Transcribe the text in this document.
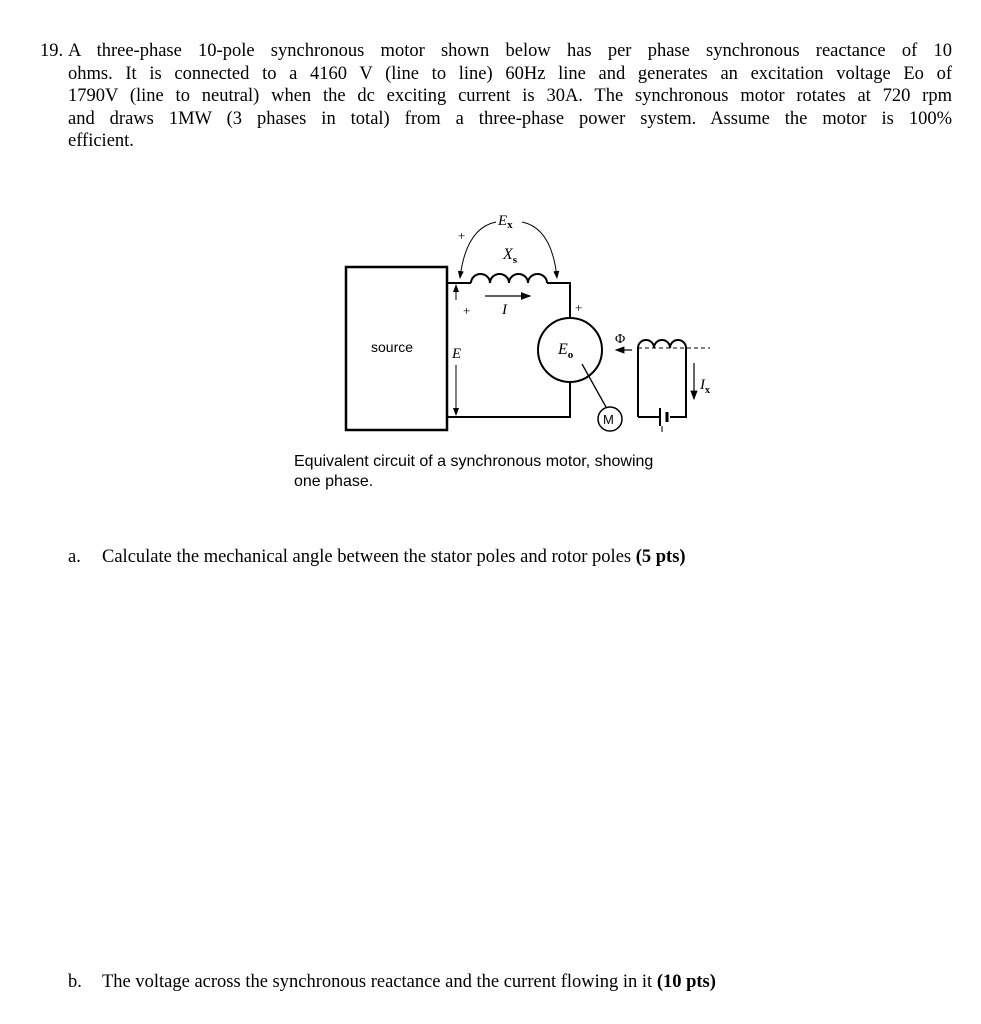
19. A three-phase 10-pole synchronous motor shown below has per phase synchronous reactance of 10
ohms. It is connected to a 4160 V (line to line) 60Hz line and generates an excitation voltage Eo of
1790V (line to neutral) when the dc exciting current is 30A. The synchronous motor rotates at 720 rpm
and draws 1MW (3 phases in total) from a three-phase power system. Assume the motor is 100%
efficient.
source
M
Φ
$I_x$
E
+ I	+
$E_o$
$E_x$
+
$X_s$
Equivalent circuit of a synchronous motor, showing
one phase.
a. Calculate the mechanical angle between the stator poles and rotor poles (5 pts)
b. The voltage across the synchronous reactance and the current flowing in it (10 pts)
